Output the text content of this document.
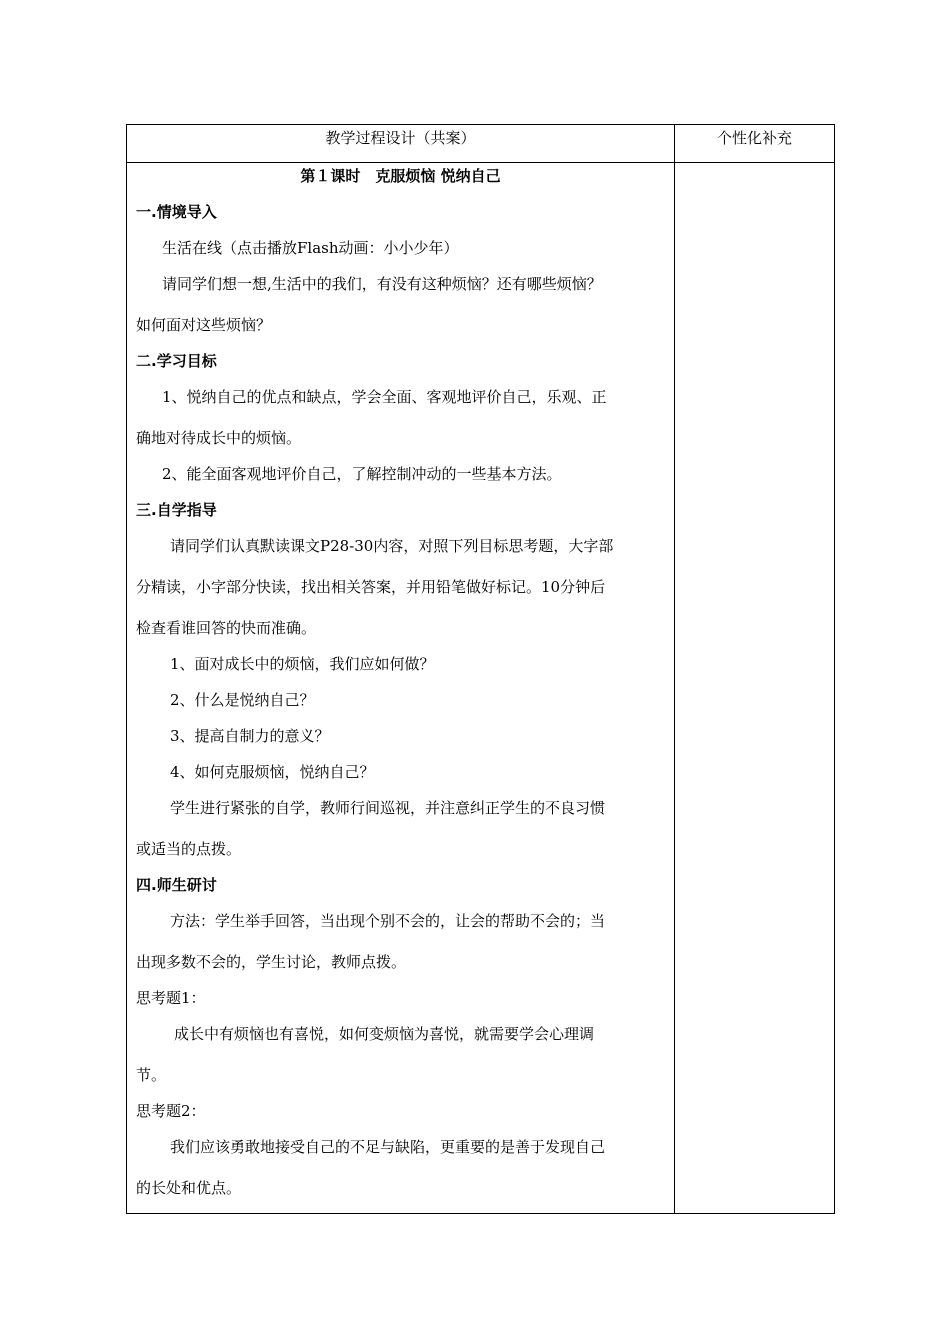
教学过程设计（共案）	个性化补充
第１课时　克服烦恼 悦纳自己
一.情境导入
生活在线（点击播放Flash动画：小小少年）
请同学们想一想,生活中的我们，有没有这种烦恼？还有哪些烦恼？
如何面对这些烦恼？
二.学习目标
1、悦纳自己的优点和缺点，学会全面、客观地评价自己，乐观、正
确地对待成长中的烦恼。
2、能全面客观地评价自己，了解控制冲动的一些基本方法。
三.自学指导
请同学们认真默读课文P28-30内容，对照下列目标思考题，大字部
分精读，小字部分快读，找出相关答案，并用铅笔做好标记。10分钟后
检查看谁回答的快而准确。
1、面对成长中的烦恼，我们应如何做？
2、什么是悦纳自己？
3、提高自制力的意义？
4、如何克服烦恼，悦纳自己？
学生进行紧张的自学，教师行间巡视，并注意纠正学生的不良习惯
或适当的点拨。
四.师生研讨
方法：学生举手回答，当出现个别不会的，让会的帮助不会的；当
出现多数不会的，学生讨论，教师点拨。
思考题1：
成长中有烦恼也有喜悦，如何变烦恼为喜悦，就需要学会心理调
节。
思考题2：
我们应该勇敢地接受自己的不足与缺陷，更重要的是善于发现自己
的长处和优点。
